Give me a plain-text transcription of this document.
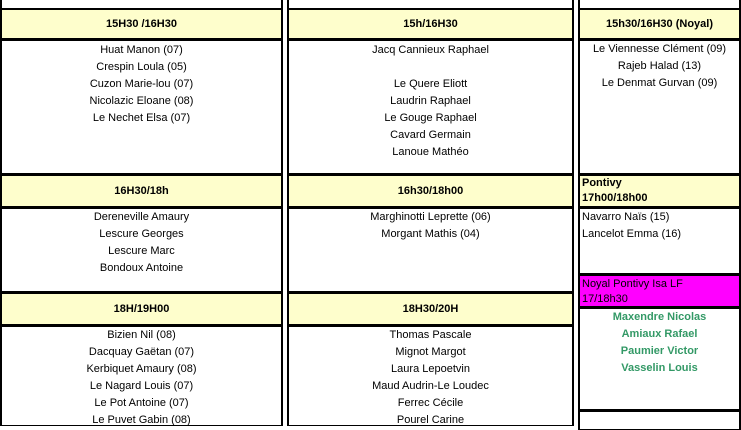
15H30 /16H30
Huat Manon (07)
Crespin Loula (05)
Cuzon Marie-lou (07)
Nicolazic Eloane (08)
Le Nechet Elsa (07)
16H30/18h
Dereneville Amaury
Lescure Georges
Lescure Marc
Bondoux Antoine
18H/19H00
Bizien Nil (08)
Dacquay Gaëtan (07)
Kerbiquet Amaury (08)
Le Nagard Louis (07)
Le Pot Antoine (07)
Le Puvet Gabin (08)
15h/16H30
Jacq Cannieux Raphael
Le Quere Eliott
Laudrin Raphael
Le Gouge Raphael
Cavard Germain
Lanoue Mathéo
16h30/18h00
Marghinotti Leprette (06)
Morgant Mathis (04)
18H30/20H
Thomas Pascale
Mignot Margot
Laura Lepoetvin
Maud Audrin-Le Loudec
Ferrec Cécile
Pourel Carine
15h30/16H30 (Noyal)
Le Viennesse Clément (09)
Rajeb Halad (13)
Le Denmat Gurvan (09)
Pontivy
17h00/18h00
Navarro Naïs (15)
Lancelot Emma (16)
Noyal Pontivy Isa LF
17/18h30
Maxendre Nicolas
Amiaux Rafael
Paumier Victor
Vasselin Louis
